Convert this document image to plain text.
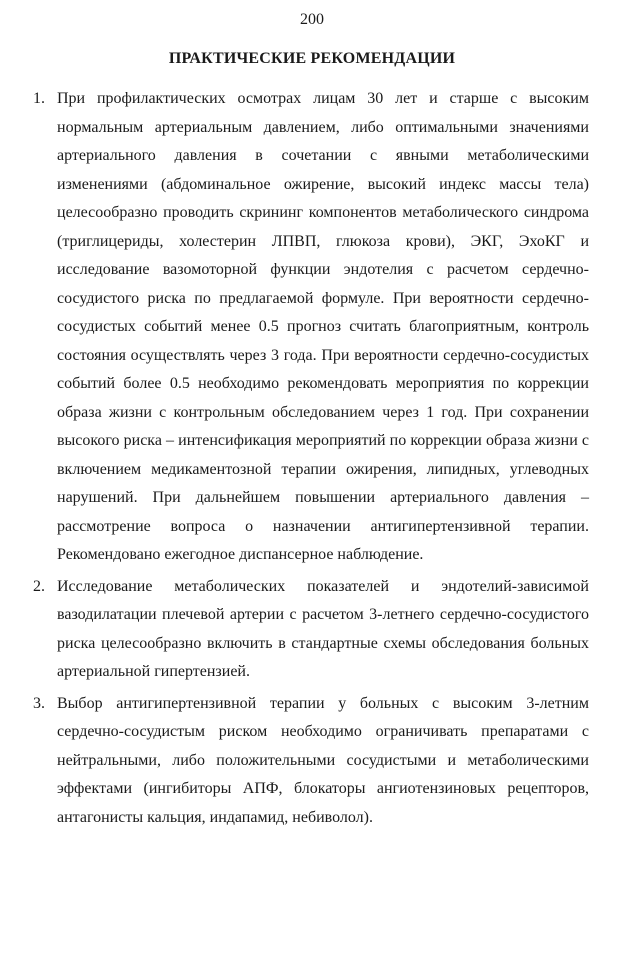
200
ПРАКТИЧЕСКИЕ РЕКОМЕНДАЦИИ
1. При профилактических осмотрах лицам 30 лет и старше с высоким нормальным артериальным давлением, либо оптимальными значениями артериального давления в сочетании с явными метаболическими изменениями (абдоминальное ожирение, высокий индекс массы тела) целесообразно проводить скрининг компонентов метаболического синдрома (триглицериды, холестерин ЛПВП, глюкоза крови), ЭКГ, ЭхоКГ и исследование вазомоторной функции эндотелия с расчетом сердечно-сосудистого риска по предлагаемой формуле. При вероятности сердечно-сосудистых событий менее 0.5 прогноз считать благоприятным, контроль состояния осуществлять через 3 года. При вероятности сердечно-сосудистых событий более 0.5 необходимо рекомендовать мероприятия по коррекции образа жизни с контрольным обследованием через 1 год. При сохранении высокого риска – интенсификация мероприятий по коррекции образа жизни с включением медикаментозной терапии ожирения, липидных, углеводных нарушений. При дальнейшем повышении артериального давления – рассмотрение вопроса о назначении антигипертензивной терапии. Рекомендовано ежегодное диспансерное наблюдение.
2. Исследование метаболических показателей и эндотелий-зависимой вазодилатации плечевой артерии с расчетом 3-летнего сердечно-сосудистого риска целесообразно включить в стандартные схемы обследования больных артериальной гипертензией.
3. Выбор антигипертензивной терапии у больных с высоким 3-летним сердечно-сосудистым риском необходимо ограничивать препаратами с нейтральными, либо положительными сосудистыми и метаболическими эффектами (ингибиторы АПФ, блокаторы ангиотензиновых рецепторов, антагонисты кальция, индапамид, небиволол).
